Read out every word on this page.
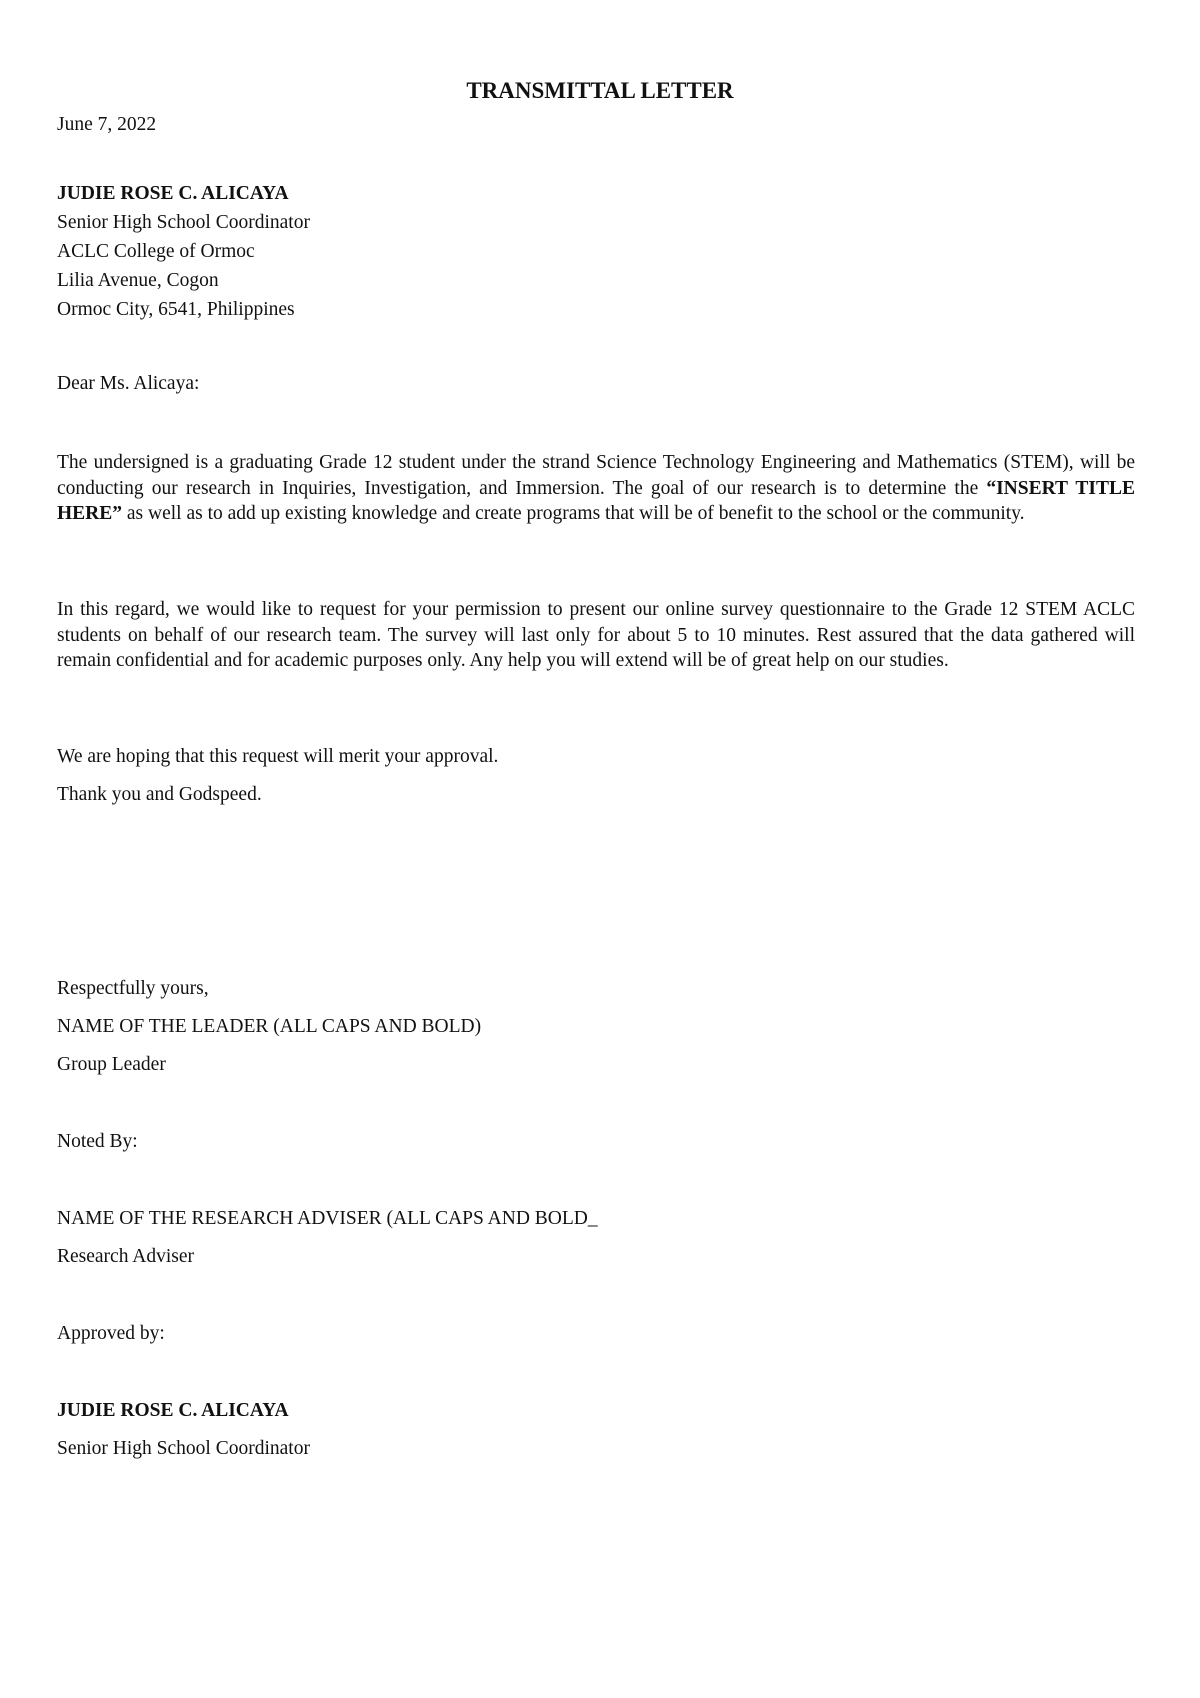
TRANSMITTAL LETTER
June 7, 2022
JUDIE ROSE C. ALICAYA
Senior High School Coordinator
ACLC College of Ormoc
Lilia Avenue, Cogon
Ormoc City, 6541, Philippines
Dear Ms. Alicaya:
The undersigned is a graduating Grade 12 student under the strand Science Technology Engineering and Mathematics (STEM), will be conducting our research in Inquiries, Investigation, and Immersion. The goal of our research is to determine the “INSERT TITLE HERE” as well as to add up existing knowledge and create programs that will be of benefit to the school or the community.
In this regard, we would like to request for your permission to present our online survey questionnaire to the Grade 12 STEM ACLC students on behalf of our research team. The survey will last only for about 5 to 10 minutes. Rest assured that the data gathered will remain confidential and for academic purposes only. Any help you will extend will be of great help on our studies.
We are hoping that this request will merit your approval.
Thank you and Godspeed.
Respectfully yours,
NAME OF THE LEADER (ALL CAPS AND BOLD)
Group Leader
Noted By:
NAME OF THE RESEARCH ADVISER (ALL CAPS AND BOLD_
Research Adviser
Approved by:
JUDIE ROSE C. ALICAYA
Senior High School Coordinator
